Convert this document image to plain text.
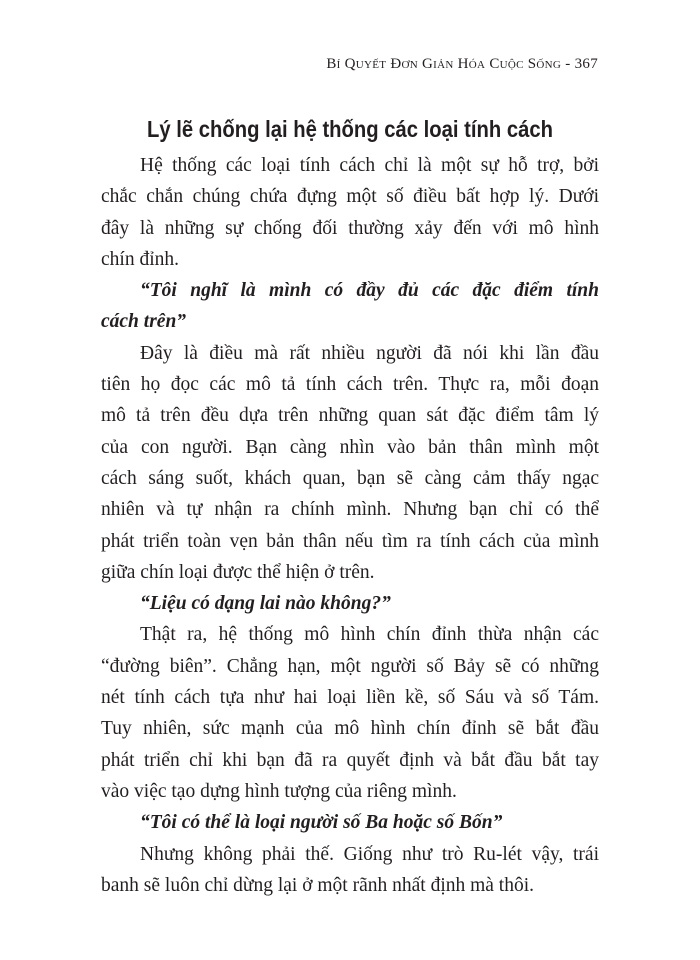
Bí Quyết Đơn Giản Hóa Cuộc Sống - 367
Lý lẽ chống lại hệ thống các loại tính cách
Hệ thống các loại tính cách chỉ là một sự hỗ trợ, bởi
chắc chắn chúng chứa đựng một số điều bất hợp lý. Dưới
đây là những sự chống đối thường xảy đến với mô hình
chín đỉnh.
“Tôi nghĩ là mình có đầy đủ các đặc điểm tính
cách trên”
Đây là điều mà rất nhiều người đã nói khi lần đầu
tiên họ đọc các mô tả tính cách trên. Thực ra, mỗi đoạn
mô tả trên đều dựa trên những quan sát đặc điểm tâm lý
của con người. Bạn càng nhìn vào bản thân mình một
cách sáng suốt, khách quan, bạn sẽ càng cảm thấy ngạc
nhiên và tự nhận ra chính mình. Nhưng bạn chỉ có thể
phát triển toàn vẹn bản thân nếu tìm ra tính cách của mình
giữa chín loại được thể hiện ở trên.
“Liệu có dạng lai nào không?”
Thật ra, hệ thống mô hình chín đỉnh thừa nhận các
“đường biên”. Chẳng hạn, một người số Bảy sẽ có những
nét tính cách tựa như hai loại liền kề, số Sáu và số Tám.
Tuy nhiên, sức mạnh của mô hình chín đỉnh sẽ bắt đầu
phát triển chỉ khi bạn đã ra quyết định và bắt đầu bắt tay
vào việc tạo dựng hình tượng của riêng mình.
“Tôi có thể là loại người số Ba hoặc số Bốn”
Nhưng không phải thế. Giống như trò Ru-lét vậy, trái
banh sẽ luôn chỉ dừng lại ở một rãnh nhất định mà thôi.
